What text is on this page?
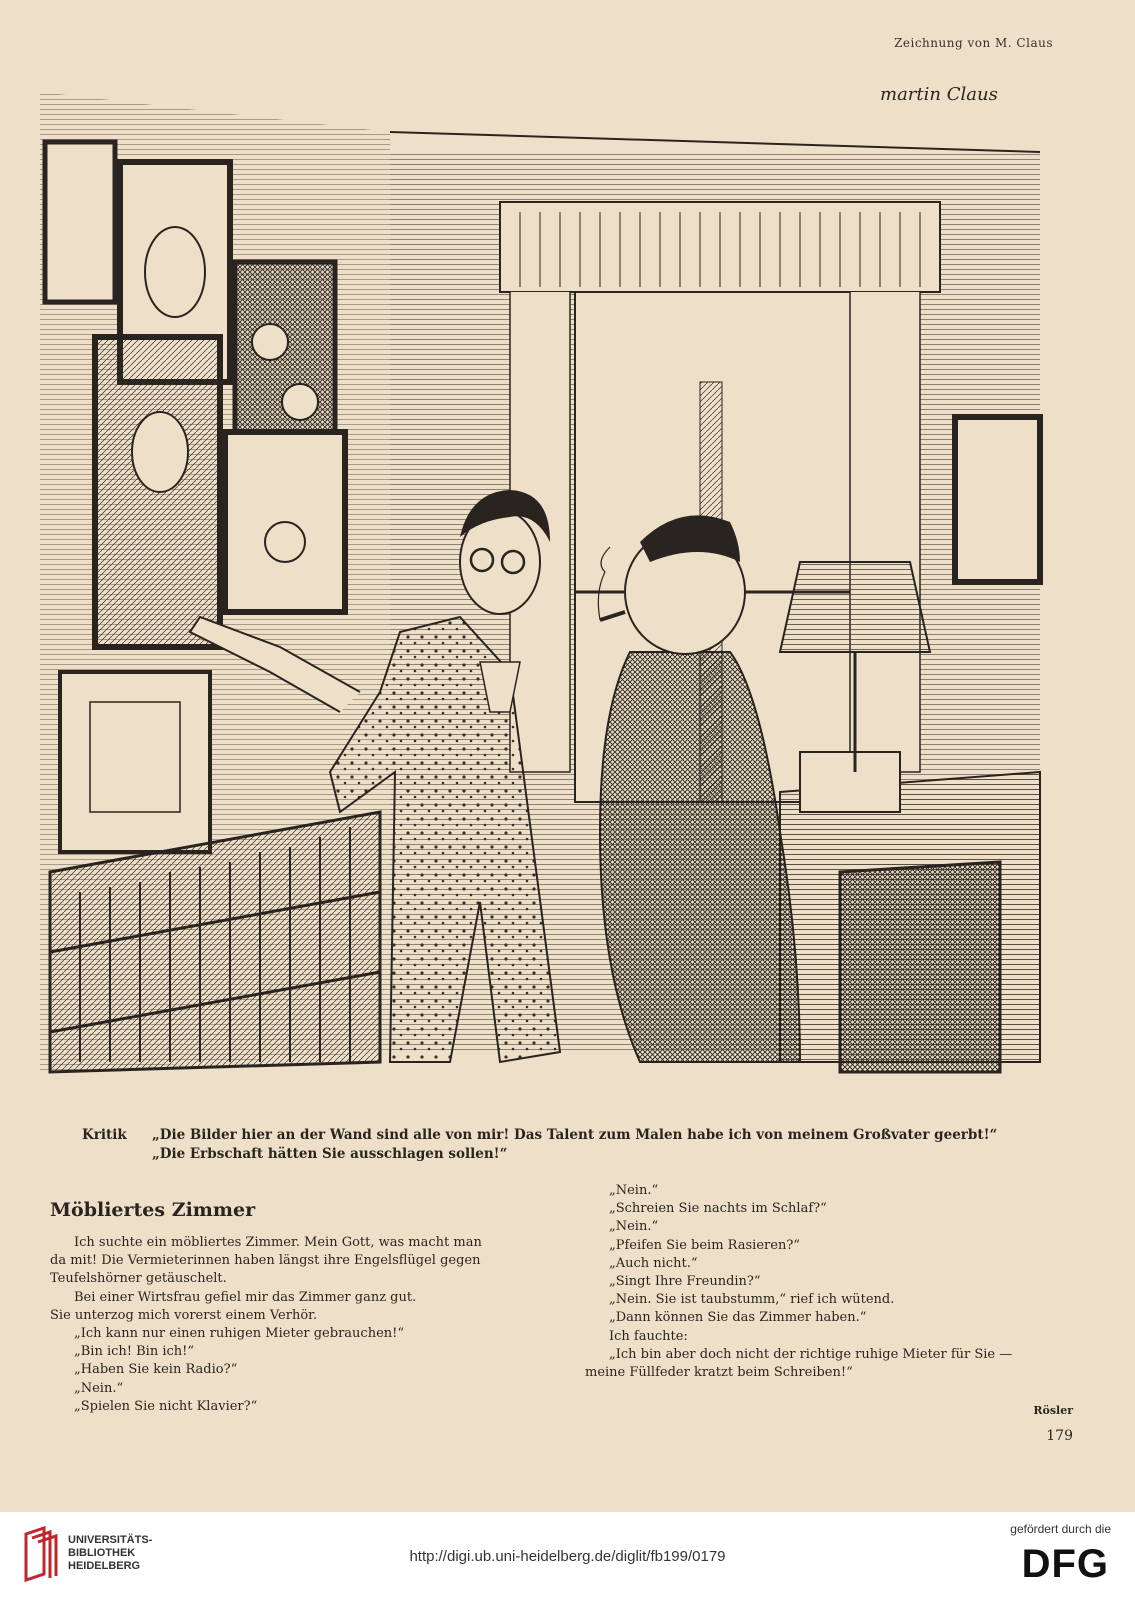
Zeichnung von M. Claus
martin Claus
Kritik	„Die Bilder hier an der Wand sind alle von mir! Das Talent zum Malen habe ich von meinem Großvater geerbt!“
„Die Erbschaft hätten Sie ausschlagen sollen!“
Möbliertes Zimmer
Ich suchte ein möbliertes Zimmer. Mein Gott, was macht man
da mit! Die Vermieterinnen haben längst ihre Engelsflügel gegen
Teufelshörner getäuschelt.
Bei einer Wirtsfrau gefiel mir das Zimmer ganz gut.
Sie unterzog mich vorerst einem Verhör.
„Ich kann nur einen ruhigen Mieter gebrauchen!“
„Bin ich! Bin ich!“
„Haben Sie kein Radio?“
„Nein.“
„Spielen Sie nicht Klavier?“
„Nein.“
„Schreien Sie nachts im Schlaf?“
„Nein.“
„Pfeifen Sie beim Rasieren?“
„Auch nicht.“
„Singt Ihre Freundin?“
„Nein. Sie ist taubstumm,“ rief ich wütend.
„Dann können Sie das Zimmer haben.“
Ich fauchte:
„Ich bin aber doch nicht der richtige ruhige Mieter für Sie —
meine Füllfeder kratzt beim Schreiben!“
Rösler
179
UNIVERSITÄTS-
BIBLIOTHEK
HEIDELBERG
http://digi.ub.uni-heidelberg.de/diglit/fb199/0179
gefördert durch die
DFG
